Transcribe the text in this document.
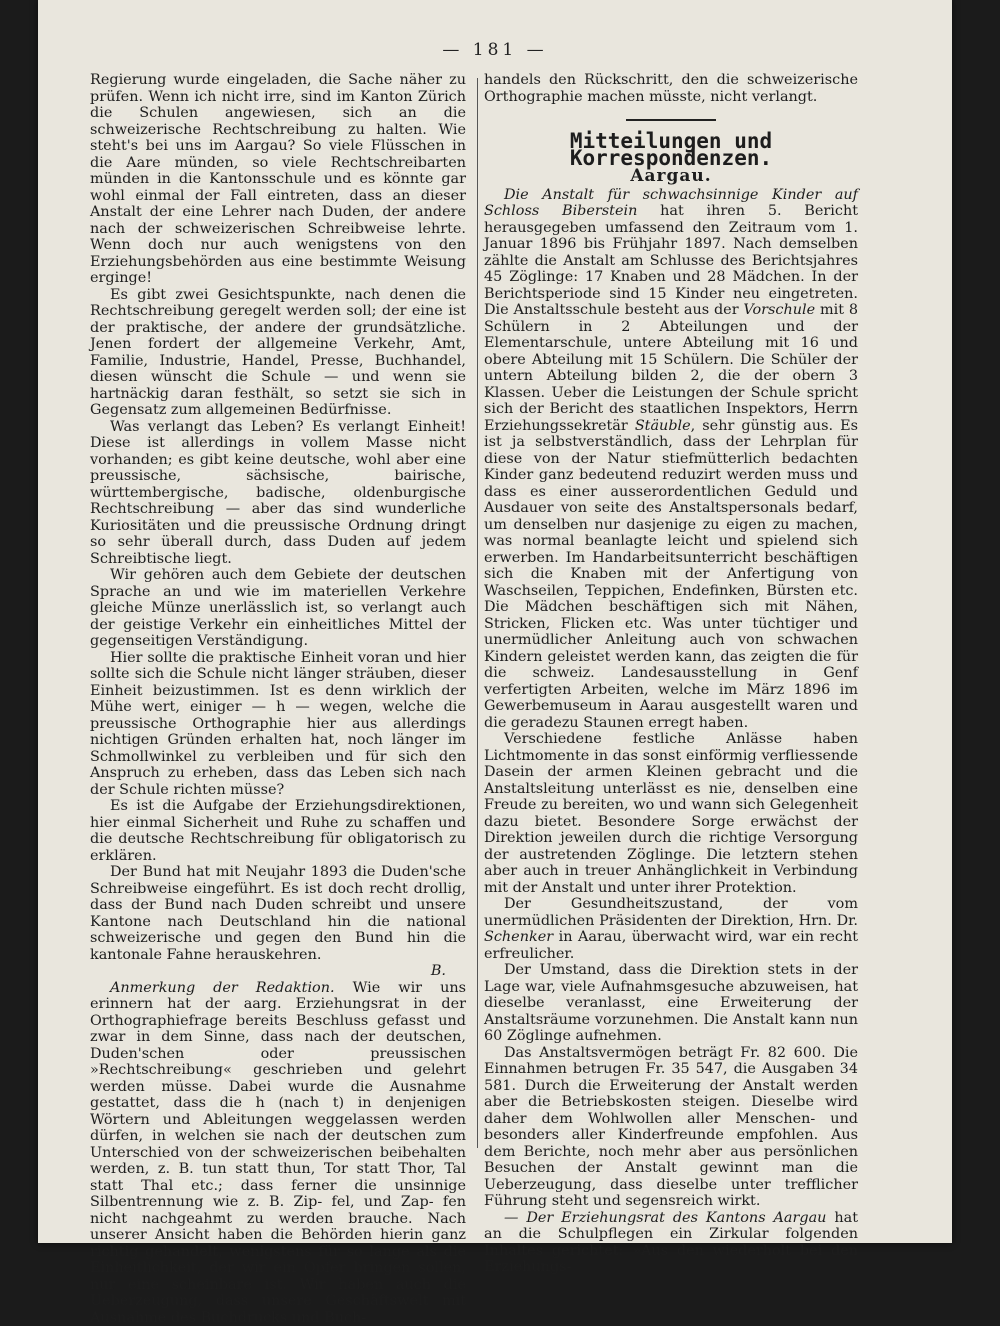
— 181 —

Regierung wurde eingeladen, die Sache näher zu prüfen. Wenn ich nicht irre, sind im Kanton Zürich die Schulen angewiesen, sich an die schweizerische Rechtschreibung zu halten. Wie steht's bei uns im Aargau? So viele Flüsschen in die Aare münden, so viele Rechtschreibarten münden in die Kantonsschule und es könnte gar wohl einmal der Fall eintreten, dass an dieser Anstalt der eine Lehrer nach Duden, der andere nach der schweizerischen Schreibweise lehrte. Wenn doch nur auch wenigstens von den Erziehungsbehörden aus eine bestimmte Weisung erginge!

Es gibt zwei Gesichtspunkte, nach denen die Rechtschreibung geregelt werden soll; der eine ist der praktische, der andere der grundsätzliche. Jenen fordert der allgemeine Verkehr, Amt, Familie, Industrie, Handel, Presse, Buchhandel, diesen wünscht die Schule — und wenn sie hartnäckig daran festhält, so setzt sie sich in Gegensatz zum allgemeinen Bedürfnisse.

Was verlangt das Leben? Es verlangt Einheit! Diese ist allerdings in vollem Masse nicht vorhanden; es gibt keine deutsche, wohl aber eine preussische, sächsische, bairische, württembergische, badische, oldenburgische Rechtschreibung — aber das sind wunderliche Kuriositäten und die preussische Ordnung dringt so sehr überall durch, dass Duden auf jedem Schreibtische liegt.

Wir gehören auch dem Gebiete der deutschen Sprache an und wie im materiellen Verkehre gleiche Münze unerlässlich ist, so verlangt auch der geistige Verkehr ein einheitliches Mittel der gegenseitigen Verständigung.

Hier sollte die praktische Einheit voran und hier sollte sich die Schule nicht länger sträuben, dieser Einheit beizustimmen. Ist es denn wirklich der Mühe wert, einiger — h — wegen, welche die preussische Orthographie hier aus allerdings nichtigen Gründen erhalten hat, noch länger im Schmollwinkel zu verbleiben und für sich den Anspruch zu erheben, dass das Leben sich nach der Schule richten müsse?

Es ist die Aufgabe der Erziehungsdirektionen, hier einmal Sicherheit und Ruhe zu schaffen und die deutsche Rechtschreibung für obligatorisch zu erklären.

Der Bund hat mit Neujahr 1893 die Duden'sche Schreibweise eingeführt. Es ist doch recht drollig, dass der Bund nach Duden schreibt und unsere Kantone nach Deutschland hin die national schweizerische und gegen den Bund hin die kantonale Fahne herauskehren.

B.

Anmerkung der Redaktion. Wie wir uns erinnern hat der aarg. Erziehungsrat in der Orthographiefrage bereits Beschluss gefasst und zwar in dem Sinne, dass nach der deutschen, Duden'schen oder preussischen »Rechtschreibung« geschrieben und gelehrt werden müsse. Dabei wurde die Ausnahme gestattet, dass die h (nach t) in denjenigen Wörtern und Ableitungen weggelassen werden dürfen, in welchen sie nach der deutschen zum Unterschied von der schweizerischen beibehalten werden, z. B. tun statt thun, Tor statt Thor, Tal statt Thal etc.; dass ferner die unsinnige Silbentrennung wie z. B. Zip- fel, und Zap- fen nicht nachgeahmt zu werden brauche. Nach unserer Ansicht haben die Behörden hierin ganz richtig gehandelt, wenigstens für so lange als die Einheitlichkeit, der wir ein Opfer bringen sollen, nur eine scheinbare ist. Wir haben auch die Ueberzeugung, dass unsere Geschäftswelt mit Ausnahme des Buchdrucks und Buch-

handels den Rückschritt, den die schweizerische Orthographie machen müsste, nicht verlangt.

Mitteilungen und Korrespondenzen.
Aargau.

Die Anstalt für schwachsinnige Kinder auf Schloss Biberstein hat ihren 5. Bericht herausgegeben umfassend den Zeitraum vom 1. Januar 1896 bis Frühjahr 1897. Nach demselben zählte die Anstalt am Schlusse des Berichtsjahres 45 Zöglinge: 17 Knaben und 28 Mädchen. In der Berichtsperiode sind 15 Kinder neu eingetreten. Die Anstaltsschule besteht aus der Vorschule mit 8 Schülern in 2 Abteilungen und der Elementarschule, untere Abteilung mit 16 und obere Abteilung mit 15 Schülern. Die Schüler der untern Abteilung bilden 2, die der obern 3 Klassen. Ueber die Leistungen der Schule spricht sich der Bericht des staatlichen Inspektors, Herrn Erziehungssekretär Stäuble, sehr günstig aus. Es ist ja selbstverständlich, dass der Lehrplan für diese von der Natur stiefmütterlich bedachten Kinder ganz bedeutend reduzirt werden muss und dass es einer ausserordentlichen Geduld und Ausdauer von seite des Anstaltspersonals bedarf, um denselben nur dasjenige zu eigen zu machen, was normal beanlagte leicht und spielend sich erwerben. Im Handarbeitsunterricht beschäftigen sich die Knaben mit der Anfertigung von Waschseilen, Teppichen, Endefinken, Bürsten etc. Die Mädchen beschäftigen sich mit Nähen, Stricken, Flicken etc. Was unter tüchtiger und unermüdlicher Anleitung auch von schwachen Kindern geleistet werden kann, das zeigten die für die schweiz. Landesausstellung in Genf verfertigten Arbeiten, welche im März 1896 im Gewerbemuseum in Aarau ausgestellt waren und die geradezu Staunen erregt haben.

Verschiedene festliche Anlässe haben Lichtmomente in das sonst einförmig verfliessende Dasein der armen Kleinen gebracht und die Anstaltsleitung unterlässt es nie, denselben eine Freude zu bereiten, wo und wann sich Gelegenheit dazu bietet. Besondere Sorge erwächst der Direktion jeweilen durch die richtige Versorgung der austretenden Zöglinge. Die letztern stehen aber auch in treuer Anhänglichkeit in Verbindung mit der Anstalt und unter ihrer Protektion.

Der Gesundheitszustand, der vom unermüdlichen Präsidenten der Direktion, Hrn. Dr. Schenker in Aarau, überwacht wird, war ein recht erfreulicher.

Der Umstand, dass die Direktion stets in der Lage war, viele Aufnahmsgesuche abzuweisen, hat dieselbe veranlasst, eine Erweiterung der Anstaltsräume vorzunehmen. Die Anstalt kann nun 60 Zöglinge aufnehmen.

Das Anstaltsvermögen beträgt Fr. 82 600. Die Einnahmen betrugen Fr. 35 547, die Ausgaben 34 581. Durch die Erweiterung der Anstalt werden aber die Betriebskosten steigen. Dieselbe wird daher dem Wohlwollen aller Menschen- und besonders aller Kinderfreunde empfohlen. Aus dem Berichte, noch mehr aber aus persönlichen Besuchen der Anstalt gewinnt man die Ueberzeugung, dass dieselbe unter trefflicher Führung steht und segensreich wirkt.

— Der Erziehungsrat des Kantons Aargau hat an die Schulpflegen ein Zirkular folgenden Inhaltes gerichtet: »Aus den wiederholt bei den Erziehungs-
